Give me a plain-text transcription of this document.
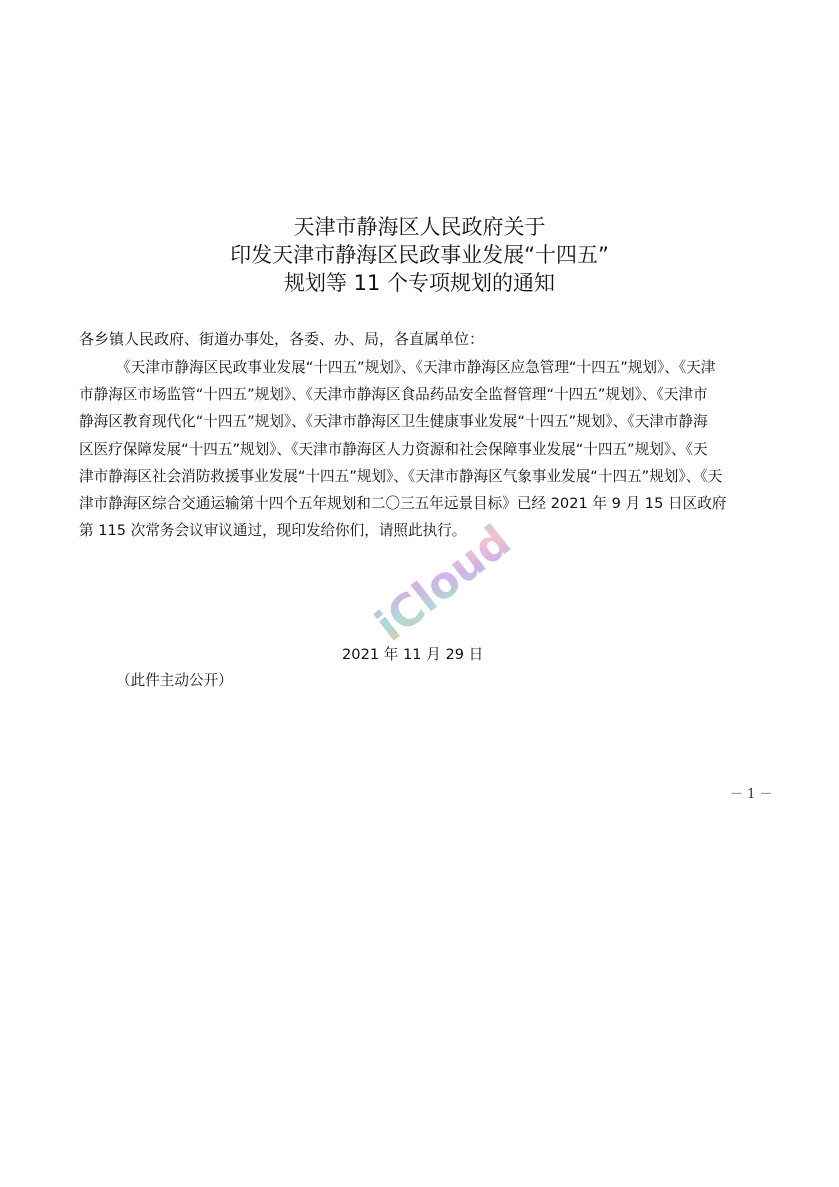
天津市静海区人民政府关于
印发天津市静海区民政事业发展“十四五”
规划等 11 个专项规划的通知
各乡镇人民政府、街道办事处，各委、办、局，各直属单位：
《天津市静海区民政事业发展“十四五”规划》、《天津市静海区应急管理“十四五”规划》、《天津
市静海区市场监管“十四五”规划》、《天津市静海区食品药品安全监督管理“十四五”规划》、《天津市
静海区教育现代化“十四五”规划》、《天津市静海区卫生健康事业发展“十四五”规划》、《天津市静海
区医疗保障发展“十四五”规划》、《天津市静海区人力资源和社会保障事业发展“十四五”规划》、《天
津市静海区社会消防救援事业发展“十四五”规划》、《天津市静海区气象事业发展“十四五”规划》、《天
津市静海区综合交通运输第十四个五年规划和二〇三五年远景目标》已经 2021 年 9 月 15 日区政府
第 115 次常务会议审议通过，现印发给你们，请照此执行。
iCloud
2021 年 11 月 29 日
（此件主动公开）
－ 1 －
